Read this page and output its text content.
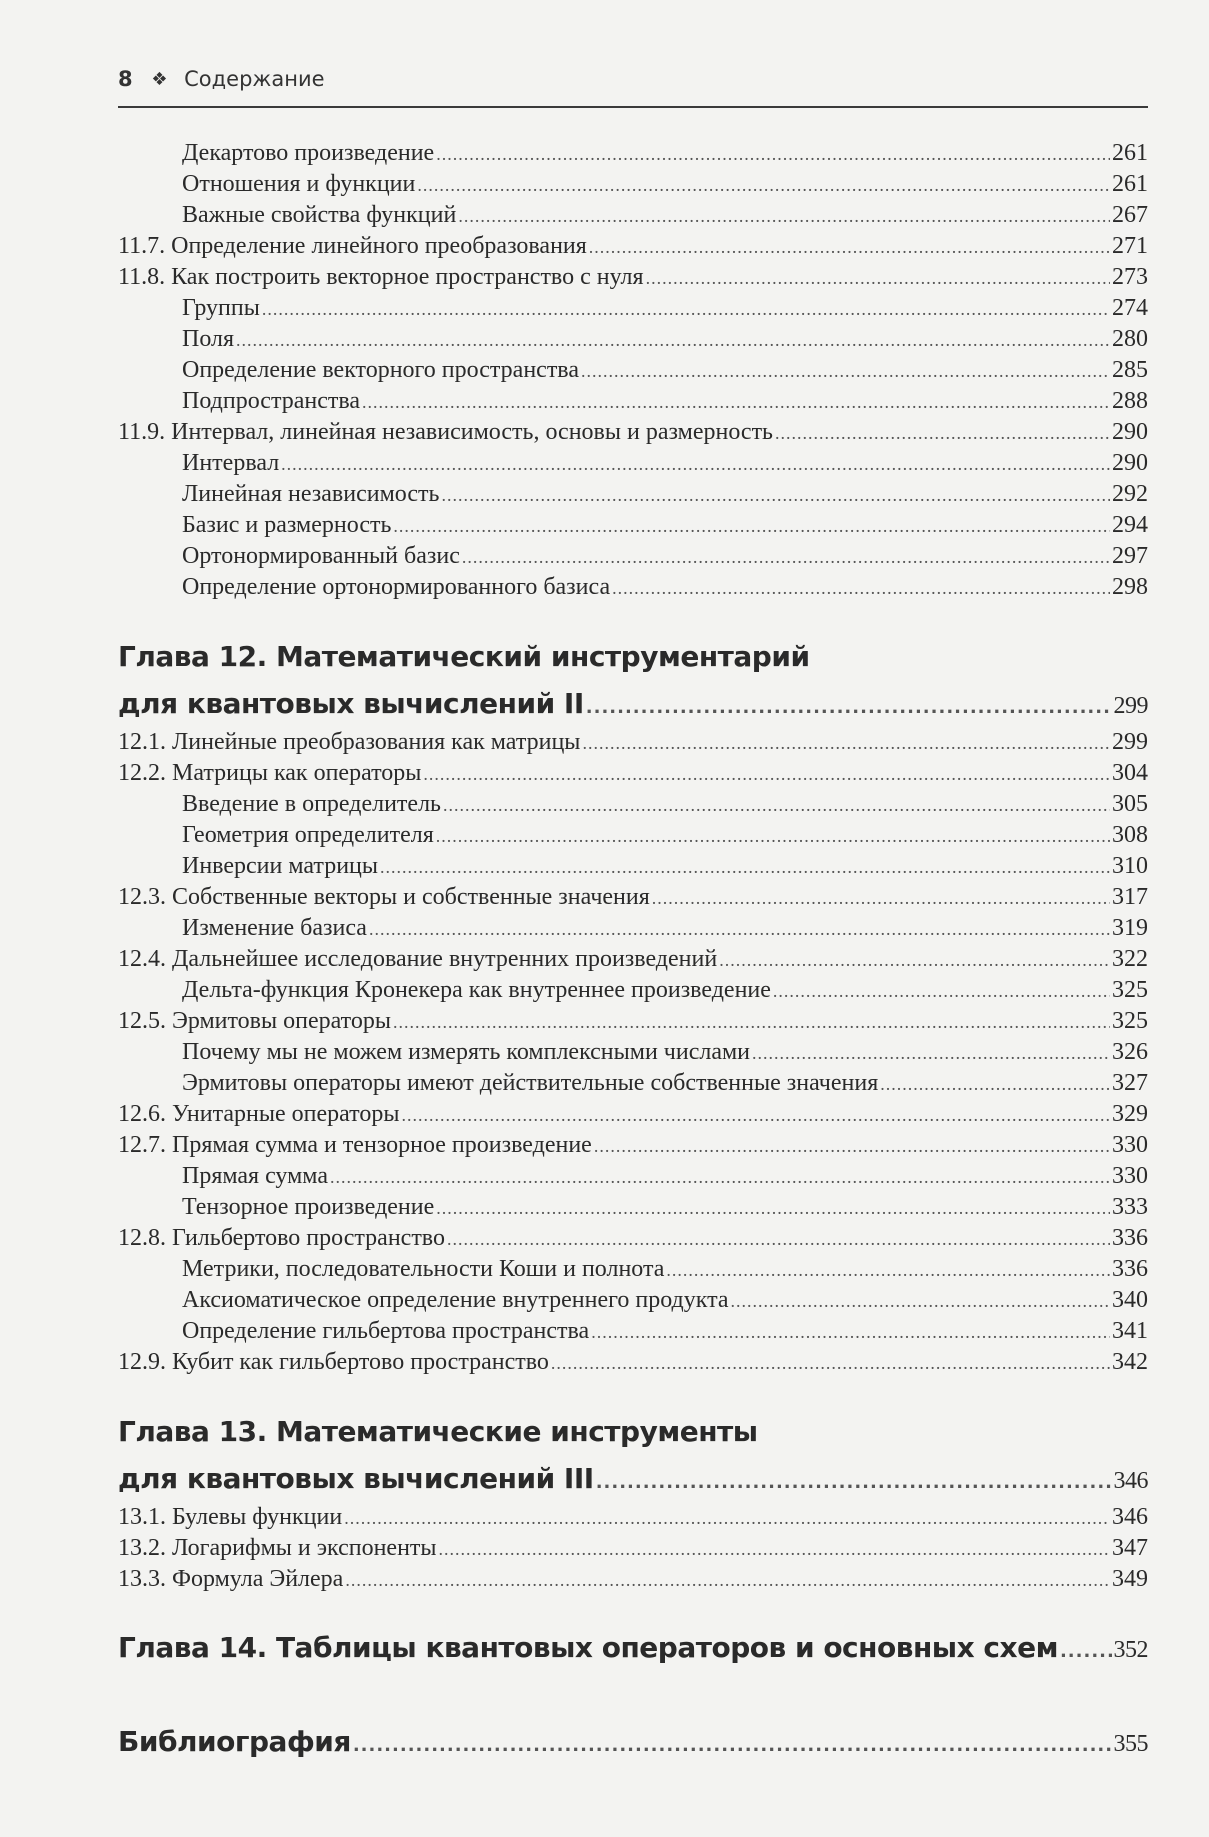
8 ❖ Содержание
Декартово произведение .....	261
Отношения и функции .....	261
Важные свойства функций .....	267
11.7. Определение линейного преобразования .....	271
11.8. Как построить векторное пространство с нуля .....	273
Группы .....	274
Поля .....	280
Определение векторного пространства .....	285
Подпространства .....	288
11.9. Интервал, линейная независимость, основы и размерность .....	290
Интервал .....	290
Линейная независимость .....	292
Базис и размерность .....	294
Ортонормированный базис .....	297
Определение ортонормированного базиса .....	298
Глава 12. Математический инструментарий
для квантовых вычислений II .....	299
12.1. Линейные преобразования как матрицы .....	299
12.2. Матрицы как операторы .....	304
Введение в определитель .....	305
Геометрия определителя .....	308
Инверсии матрицы .....	310
12.3. Собственные векторы и собственные значения .....	317
Изменение базиса .....	319
12.4. Дальнейшее исследование внутренних произведений .....	322
Дельта-функция Кронекера как внутреннее произведение .....	325
12.5. Эрмитовы операторы .....	325
Почему мы не можем измерять комплексными числами .....	326
Эрмитовы операторы имеют действительные собственные значения .....	327
12.6. Унитарные операторы .....	329
12.7. Прямая сумма и тензорное произведение .....	330
Прямая сумма .....	330
Тензорное произведение .....	333
12.8. Гильбертово пространство .....	336
Метрики, последовательности Коши и полнота .....	336
Аксиоматическое определение внутреннего продукта .....	340
Определение гильбертова пространства .....	341
12.9. Кубит как гильбертово пространство .....	342
Глава 13. Математические инструменты
для квантовых вычислений III .....	346
13.1. Булевы функции .....	346
13.2. Логарифмы и экспоненты .....	347
13.3. Формула Эйлера .....	349
Глава 14. Таблицы квантовых операторов и основных схем ..... 352
Библиография .....	355
